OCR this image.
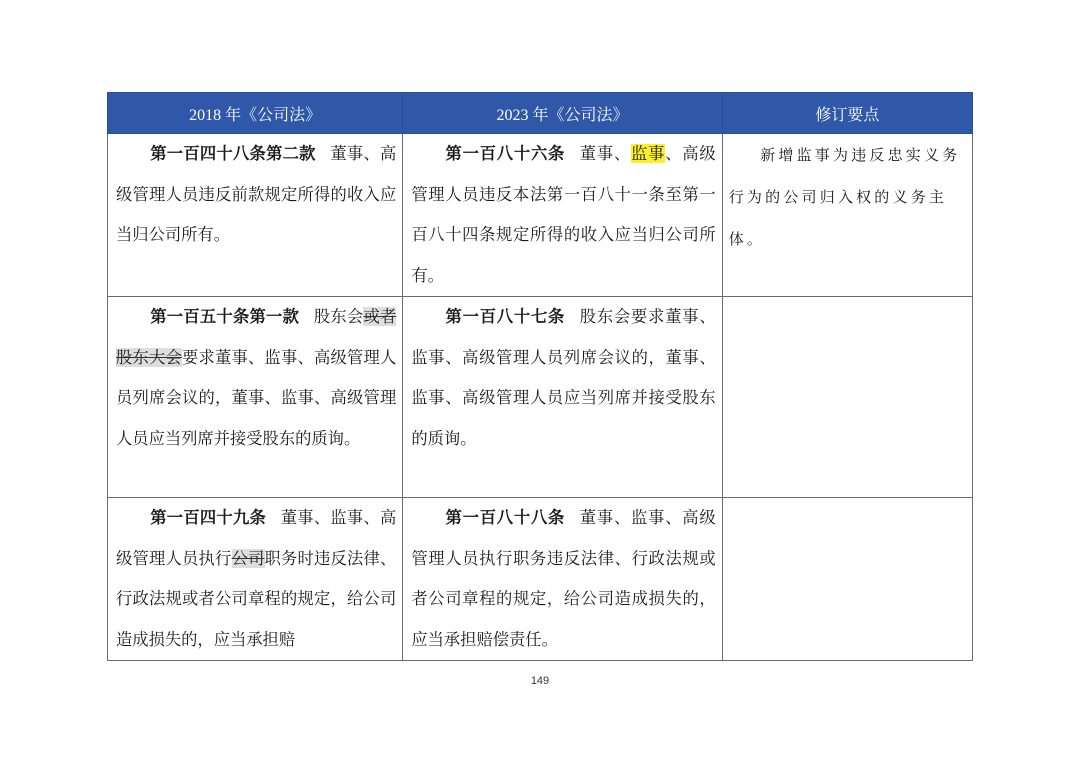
2018 年《公司法》	2023 年《公司法》	修订要点

第一百四十八条第二款 董事、高级管理人员违反前款规定所得的收入应当归公司所有。	第一百八十六条 董事、监事、高级管理人员违反本法第一百八十一条至第一百八十四条规定所得的收入应当归公司所有。	新增监事为违反忠实义务行为的公司归入权的义务主体。

第一百五十条第一款 股东会或者股东大会要求董事、监事、高级管理人员列席会议的，董事、监事、高级管理人员应当列席并接受股东的质询。	第一百八十七条 股东会要求董事、监事、高级管理人员列席会议的，董事、监事、高级管理人员应当列席并接受股东的质询。	

第一百四十九条 董事、监事、高级管理人员执行公司职务时违反法律、行政法规或者公司章程的规定，给公司造成损失的，应当承担赔	第一百八十八条 董事、监事、高级管理人员执行职务违反法律、行政法规或者公司章程的规定，给公司造成损失的，应当承担赔偿责任。	

149
